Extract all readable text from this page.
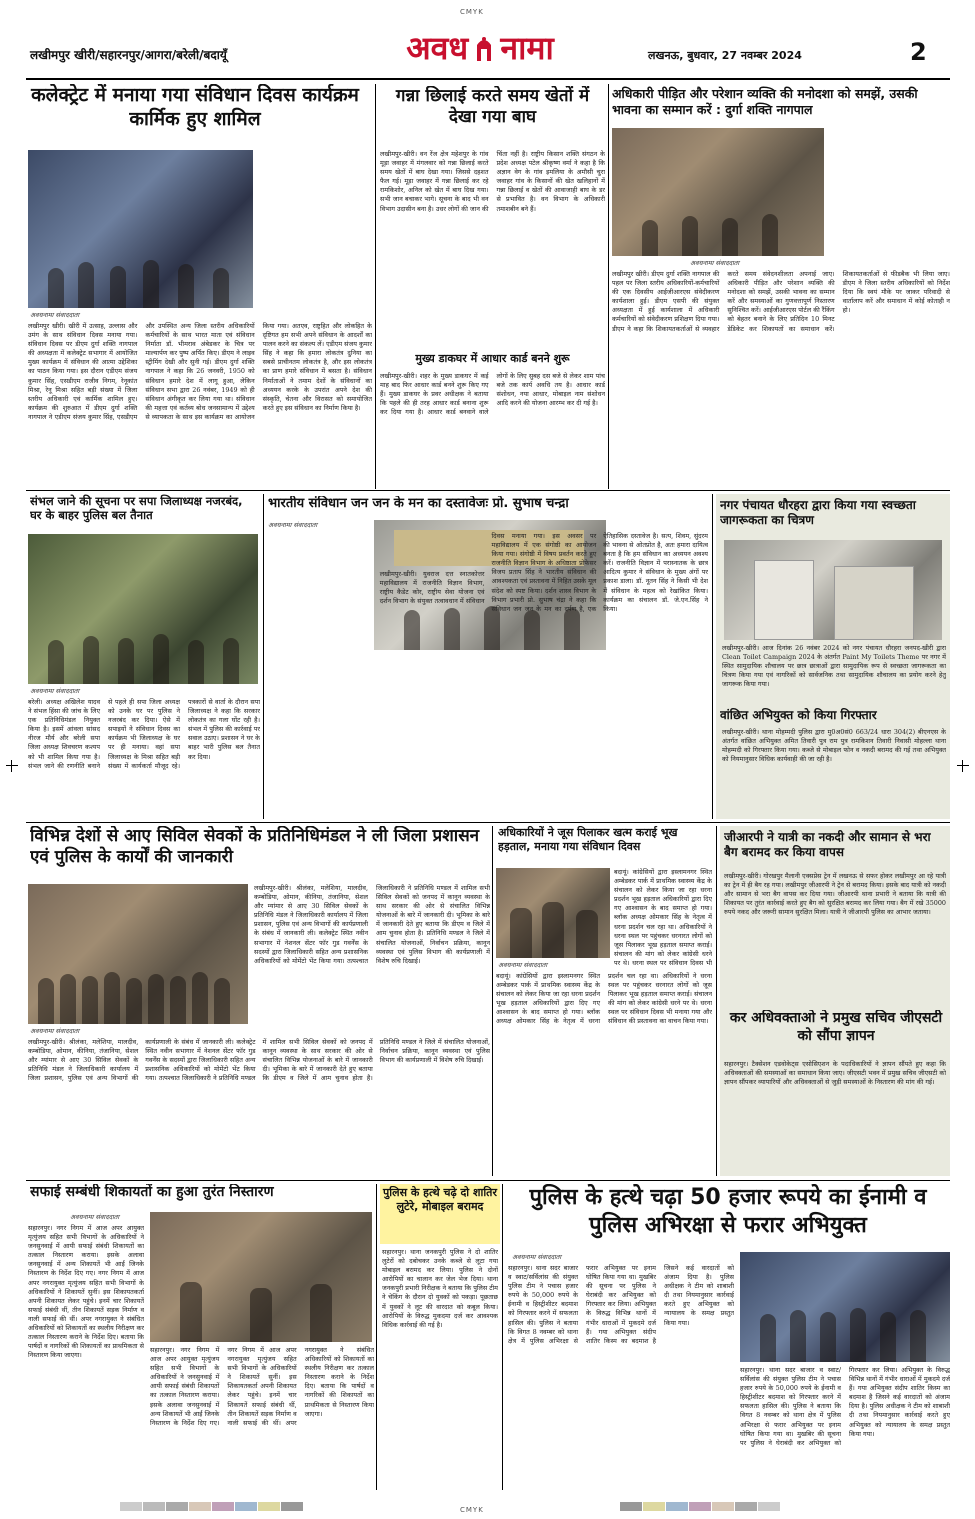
CMYK
CMYK
लखीमपुर खीरी/सहारनपुर/आगरा/बरेली/बदायूँ	अवध नामा	लखनऊ, बुधवार, 27 नवम्बर 2024	2
कलेक्ट्रेट में मनाया गया संविधान दिवस कार्यक्रम कार्मिक हुए शामिल
अवधनामा संवाददाता
लखीमपुर खीरी। खीरी में उत्साह, उल्लास और उमंग के साथ संविधान दिवस मनाया गया। संविधान दिवस पर डीएम दुर्गा शक्ति नागपाल की अध्यक्षता में कलेक्ट्रेट सभागार में आयोजित मुख्य कार्यक्रम में संविधान की आत्मा उद्देशिका का पाठन किया गया। इस दौरान एडीएम संजय कुमार सिंह, एसडीएम राजीव निगम, रेनूकांत मिश्रा, रेनू मिश्रा सहित बड़ी संख्या में जिला स्तरीय अधिकारी एवं कार्मिक शामिल हुए। कार्यक्रम की शुरुआत में डीएम दुर्गा शक्ति नागपाल ने एडीएम संजय कुमार सिंह, एसडीएम और उपस्थित अन्य जिला स्तरीय अधिकारियों कर्मचारियों के साथ भारत माता एवं संविधान निर्माता डॉ. भीमराव अंबेडकर के चित्र पर माल्यार्पण कर पुष्प अर्पित किए। डीएम ने लाइव स्ट्रीमिंग देखी और सुनी गई। डीएम दुर्गा शक्ति नागपाल ने कहा कि 26 जनवरी, 1950 को संविधान हमारे देश में लागू हुआ, लेकिन संविधान सभा द्वारा 26 नवंबर, 1949 को ही संविधान अंगीकृत कर लिया गया था। संविधान की महत्ता एवं कर्तव्य बोध जनसामान्य में उद्देश्य से व्यापकता के साथ इस कार्यक्रम का आयोजन किया गया। अतएव, राष्ट्रहित और लोकहित के दृष्टिगत हम सभी अपने संविधान के आदर्शों का पालन करने का संकल्प लें। एडीएम संजय कुमार सिंह ने कहा कि हमारा लोकतंत्र दुनिया का सबसे प्राचीनतम लोकतंत्र है, और इस लोकतंत्र का प्राण हमारे संविधान में बसता है। संविधान निर्माताओं ने तमाम देशों के संविधानों का अध्ययन करके के उपरांत अपने देश की संस्कृति, चेतना और विरासत को समायोजित करते हुए इस संविधान का निर्माण किया है।
गन्ना छिलाई करते समय खेतों में देखा गया बाघ
लखीमपुर-खीरी। वन रेंज क्षेत्र महेशपुर के गांव मूड़ा जवाहर में मंगलवार को गन्ना छिलाई करते समय खेतों में बाघ देखा गया। जिससे दहशत फैल गई। मूड़ा जवाहर में गन्ना छिलाई कर रहे रामकिशोर, अनिल को खेत में बाघ दिख गया। सभी जान बचाकर भागे। सूचना के बाद भी वन विभाग उदासीन बना है। उधर लोगों की जान की चिंता नहीं है। राष्ट्रीय किसान शक्ति संगठन के प्रदेश अध्यक्ष पटेल श्रीकृष्ण वर्मा ने कहा है कि अज्ञान वेग के गांव इमलिया के अमौसी चुरा जवाहर गांव के किसानों की खेत खलिहानों में गन्ना छिलाई व खेतों की आवाजाही बाघ के डर से प्रभावित है। वन विभाग के अधिकारी तमाशबीन बने हैं।
मुख्य डाकघर में आधार कार्ड बनने शुरू
लखीमपुर-खीरी। शहर के मुख्य डाकघर में कई माह बाद फिर आधार कार्ड बनने शुरू किए गए हैं। मुख्य डाकघर के प्रवर अधीक्षक ने बताया कि पहले की ही तरह आधार कार्ड बनाना शुरू कर दिया गया है। आधार कार्ड बनवाने वाले लोगों के लिए सुबह दस बजे से लेकर शाम पांच बजे तक कार्य अवधि तय है। आधार कार्ड संशोधन, नया आधार, मोबाइल नाम संशोधन आदि करने की योजना आरम्भ कर दी गई है।
अधिकारी पीड़ित और परेशान व्यक्ति की मनोदशा को समझें, उसकी भावना का सम्मान करें : दुर्गा शक्ति नागपाल
अवधनामा संवाददाता
लखीमपुर खीरी। डीएम दुर्गा शक्ति नागपाल की पहल पर जिला स्तरीय अधिकारियों-कर्मचारियों की एक दिवसीय आईजीआरएस संवेदीकरण कार्यशाला हुई। डीएम एसपी की संयुक्त अध्यक्षता में हुई कार्यशाला में अधिकारी कर्मचारियों को संवेदीकरण प्रशिक्षण दिया गया। डीएम ने कहा कि शिकायतकर्ताओं से व्यवहार करते समय संवेदनशीलता अपनाई जाए। अधिकारी पीड़ित और परेशान व्यक्ति की मनोदशा को समझें, उसकी भावना का सम्मान करें और समस्याओं का गुणवत्तापूर्ण निस्तारण सुनिश्चित करें। आईजीआरएस पोर्टल की रैंकिंग को बेहतर बनाने के लिए प्रतिदिन 10 मिनट डेडिकेट कर शिकायतों का समाधान करें। शिकायतकर्ताओं से फीडबैक भी लिया जाए। डीएम ने जिला स्तरीय अधिकारियों को निर्देश दिया कि स्वयं मौके पर जाकर परिवादी से वार्तालाप करें और समाधान में कोई कोताही न हो।
संभल जाने की सूचना पर सपा जिलाध्यक्ष नजरबंद, घर के बाहर पुलिस बल तैनात
अवधनामा संवाददाता
बरेली। अध्यक्ष अखिलेश यादव ने संभल हिंसा की जांच के लिए एक प्रतिनिधिमंडल नियुक्त किया है। इसमें आंवला सांसद नीरज मौर्य और बरेली सपा जिला अध्यक्ष शिवचरण कश्यप को भी शामिल किया गया है। संभल जाने की रणनीति बनाने से पहले ही सपा जिला अध्यक्ष को उनके घर पर पुलिस ने नजरबंद कर दिया। ऐसे में सपाइयों ने संविधान दिवस का कार्यक्रम भी जिलाध्यक्ष के घर पर ही मनाया। वहां सपा जिलाध्यक्ष के मिश्रा सहित बड़ी संख्या में कार्यकर्ता मौजूद रहे। पत्रकारों से वार्ता के दौरान सपा जिलाध्यक्ष ने कहा कि सरकार लोकतंत्र का गला घोंट रही है। संभल में पुलिस की कार्रवाई पर सवाल उठाए। प्रशासन ने घर के बाहर भारी पुलिस बल तैनात कर दिया।
भारतीय संविधान जन जन के मन का दस्तावेजः प्रो. सुभाष चन्द्रा
अवधनामा संवाददाता
लखीमपुर-खीरी। युवराज दत्त स्नातकोत्तर महाविद्यालय में राजनीति विज्ञान विभाग, राष्ट्रीय कैडेट कोर, राष्ट्रीय सेवा योजना एवं दर्शन विभाग के संयुक्त तत्वावधान में संविधान दिवस मनाया गया। इस अवसर पर महाविद्यालय में एक संगोष्ठी का आयोजन किया गया। संगोष्ठी में विषय प्रवर्तन करते हुए राजनीति विज्ञान विभाग के अधिष्ठाता प्रोफेसर विजय प्रताप सिंह ने भारतीय संविधान की आवश्यकता एवं प्रस्तावना में निहित उसके मूल संदेश को स्पष्ट किया। दर्शन शास्त्र विभाग के विभाग प्रभारी प्रो. सुभाष चंद्रा ने कहा कि संविधान जन जन के मन का दर्पण है, एक ऐतिहासिक दस्तावेज है। सत्य, शिवम, सुंदरम की भावना से ओतप्रोत है, अतः हमारा दायित्व बनता है कि हम संविधान का अध्ययन अवश्य करें। राजनीति विज्ञान में परास्नातक के छात्र आदित्य कुमार ने संविधान के मुख्य अंगों पर प्रकाश डाला। डॉ. नूतन सिंह ने किसी भी देश में संविधान के महत्व को रेखांकित किया। कार्यक्रम का संचालन डॉ. जे.एन.सिंह ने किया।
नगर पंचायत धौरहरा द्वारा किया गया स्वच्छता जागरूकता का चित्रण
लखीमपुर-खीरी। आज दिनांक 26 नवंबर 2024 को नगर पंचायत धौरहरा जनपद-खीरी द्वारा Clean Toilet Campaign 2024 के अंतर्गत Paint My Toilets Theme पर नगर में स्थित सामुदायिक शौचालय पर छात्र छात्राओं द्वारा सामुदायिक रूप से स्वच्छता जागरूकता का चित्रण किया गया एवं नागरिकों को सार्वजनिक तथा सामुदायिक शौचालय का प्रयोग करने हेतु जागरूक किया गया।
वांछित अभियुक्त को किया गिरफ्तार
लखीमपुर-खीरी। थाना मोहम्मदी पुलिस द्वारा मु0अ0सं0 663/24 धारा 304(2) बीएनएस के अंतर्गत वांछित अभियुक्त अमित तिवारी पुत्र राम पुत्र रामकिशन तिवारी निवासी मोहल्ला थाना मोहम्मदी को गिरफ्तार किया गया। कब्जे से मोबाइल फोन व नकदी बरामद की गई तथा अभियुक्त को नियमानुसार विधिक कार्यवाही की जा रही है।
विभिन्न देशों से आए सिविल सेवकों के प्रतिनिधिमंडल ने ली जिला प्रशासन एवं पुलिस के कार्यों की जानकारी
अवधनामा संवाददाता
लखीमपुर-खीरी। श्रीलंका, मलेशिया, मालदीव, कम्बोडिया, ओमान, कीनिया, तंजानिया, सेशल और म्यांमार से आए 30 सिविल सेवकों के प्रतिनिधि मंडल ने जिलाधिकारी कार्यालय में जिला प्रशासन, पुलिस एवं अन्य विभागों की कार्यप्रणाली के संबंध में जानकारी ली। कलेक्ट्रेट स्थित नवीन सभागार में नेशनल सेंटर फॉर गुड गवर्नेंस के सदस्यों द्वारा जिलाधिकारी सहित अन्य प्रशासनिक अधिकारियों को मोमेंटो भेंट किया गया। तत्पश्चात जिलाधिकारी ने प्रतिनिधि मण्डल में शामिल सभी सिविल सेवकों को जनपद में कानून व्यवस्था के साथ सरकार की ओर से संचालित विभिन्न योजनाओं के बारे में जानकारी दी। भूमिका के बारे में जानकारी देते हुए बताया कि डीएम व जिले में आम चुनाव होता है। प्रतिनिधि मण्डल ने जिले में संचालित योजनाओं, निर्वाचन प्रक्रिया, कानून व्यवस्था एवं पुलिस विभाग की कार्यप्रणाली में विशेष रुचि दिखाई।
लखीमपुर-खीरी। श्रीलंका, मलेशिया, मालदीव, कम्बोडिया, ओमान, कीनिया, तंजानिया, सेशल और म्यांमार से आए 30 सिविल सेवकों के प्रतिनिधि मंडल ने जिलाधिकारी कार्यालय में जिला प्रशासन, पुलिस एवं अन्य विभागों की कार्यप्रणाली के संबंध में जानकारी ली। कलेक्ट्रेट स्थित नवीन सभागार में नेशनल सेंटर फॉर गुड गवर्नेंस के सदस्यों द्वारा जिलाधिकारी सहित अन्य प्रशासनिक अधिकारियों को मोमेंटो भेंट किया गया। तत्पश्चात जिलाधिकारी ने प्रतिनिधि मण्डल में शामिल सभी सिविल सेवकों को जनपद में कानून व्यवस्था के साथ सरकार की ओर से संचालित विभिन्न योजनाओं के बारे में जानकारी दी। भूमिका के बारे में जानकारी देते हुए बताया कि डीएम व जिले में आम चुनाव होता है। प्रतिनिधि मण्डल ने जिले में संचालित योजनाओं, निर्वाचन प्रक्रिया, कानून व्यवस्था एवं पुलिस विभाग की कार्यप्रणाली में विशेष रुचि दिखाई।
अधिकारियों ने जूस पिलाकर खत्म कराई भूख हड़ताल, मनाया गया संविधान दिवस
अवधनामा संवाददाता
बदायूं। कांग्रेसियों द्वारा इस्लामनगर स्थित अम्बेडकर पार्क में प्राथमिक स्वास्थ्य केंद्र के संचालन को लेकर किया जा रहा धरना प्रदर्शन भूख हड़ताल अधिकारियों द्वारा दिए गए आश्वासन के बाद समाप्त हो गया। ब्लॉक अध्यक्ष ओमकार सिंह के नेतृत्व में धरना प्रदर्शन चल रहा था। अधिकारियों ने धरना स्थल पर पहुंचकर धरनारत लोगों को जूस पिलाकर भूख हड़ताल समाप्त कराई। संचालन की मांग को लेकर कांग्रेसी धरने पर थे। धरना स्थल पर संविधान दिवस भी मनाया गया और संविधान की प्रस्तावना का वाचन किया गया।
बदायूं। कांग्रेसियों द्वारा इस्लामनगर स्थित अम्बेडकर पार्क में प्राथमिक स्वास्थ्य केंद्र के संचालन को लेकर किया जा रहा धरना प्रदर्शन भूख हड़ताल अधिकारियों द्वारा दिए गए आश्वासन के बाद समाप्त हो गया। ब्लॉक अध्यक्ष ओमकार सिंह के नेतृत्व में धरना प्रदर्शन चल रहा था। अधिकारियों ने धरना स्थल पर पहुंचकर धरनारत लोगों को जूस पिलाकर भूख हड़ताल समाप्त कराई। संचालन की मांग को लेकर कांग्रेसी धरने पर थे। धरना स्थल पर संविधान दिवस भी
जीआरपी ने यात्री का नकदी और सामान से भरा बैग बरामद कर किया वापस
लखीमपुर-खीरी। गोरखपुर मैलानी एक्सप्रेस ट्रेन में लखनऊ से सफर होकर लखीमपुर आ रहे यात्री का ट्रेन में ही बैग रह गया। लखीमपुर जीआरपी ने ट्रेन से बरामद किया। इसके बाद यात्री को नकदी और सामान से भरा बैग वापस कर दिया गया। जीआरपी थाना प्रभारी ने बताया कि यात्री की शिकायत पर तुरंत कार्रवाई करते हुए बैग को सुरक्षित बरामद कर लिया गया। बैग में रखे 35000 रुपये नकद और जरूरी सामान सुरक्षित मिला। यात्री ने जीआरपी पुलिस का आभार जताया।
कर अधिवक्ताओ ने प्रमुख सचिव जीएसटी को सौंपा ज्ञापन
सहारनपुर। टैक्सेशन एडवोकेट्स एसोसिएशन के पदाधिकारियों ने ज्ञापन सौंपते हुए कहा कि अधिवक्ताओं की समस्याओं का समाधान किया जाए। जीएसटी भवन में प्रमुख सचिव जीएसटी को ज्ञापन सौंपकर व्यापारियों और अधिवक्ताओं से जुड़ी समस्याओं के निस्तारण की मांग की गई।
सफाई सम्बंधी शिकायतों का हुआ तुरंत निस्तारण
अवधनामा संवाददाता
सहारनपुर। नगर निगम में आज अपर आयुक्त मृत्युंजय सहित सभी विभागों के अधिकारियों ने जनसुनवाई में आयी सफाई संबंधी शिकायतों का तत्काल निस्तारण कराया। इसके अलावा जनसुनवाई में अन्य शिकायतें भी आईं जिनके निस्तारण के निर्देश दिए गए। नगर निगम में आज अपर नगरायुक्त मृत्युंजय सहित सभी विभागों के अधिकारियों ने शिकायतें सुनीं। इस शिकायतकर्ता अपनी शिकायत लेकर पहुंचे। इनमें चार शिकायतें सफाई संबंधी थीं, तीन शिकायतें सड़क निर्माण व नाली सफाई की थीं। अपर नगरायुक्त ने संबंधित अधिकारियों को शिकायतों का स्थलीय निरीक्षण कर तत्काल निस्तारण कराने के निर्देश दिए। बताया कि पार्षदों व नागरिकों की शिकायतों का प्राथमिकता से निस्तारण किया जाएगा।
सहारनपुर। नगर निगम में आज अपर आयुक्त मृत्युंजय सहित सभी विभागों के अधिकारियों ने जनसुनवाई में आयी सफाई संबंधी शिकायतों का तत्काल निस्तारण कराया। इसके अलावा जनसुनवाई में अन्य शिकायतें भी आईं जिनके निस्तारण के निर्देश दिए गए। नगर निगम में आज अपर नगरायुक्त मृत्युंजय सहित सभी विभागों के अधिकारियों ने शिकायतें सुनीं। इस शिकायतकर्ता अपनी शिकायत लेकर पहुंचे। इनमें चार शिकायतें सफाई संबंधी थीं, तीन शिकायतें सड़क निर्माण व नाली सफाई की थीं। अपर नगरायुक्त ने संबंधित अधिकारियों को शिकायतों का स्थलीय निरीक्षण कर तत्काल निस्तारण कराने के निर्देश दिए। बताया कि पार्षदों व नागरिकों की शिकायतों का प्राथमिकता से निस्तारण किया जाएगा।
पुलिस के हत्थे चढ़े दो शातिर लुटेरे, मोबाइल बरामद
सहारनपुर। थाना जनकपुरी पुलिस ने दो शातिर लुटेरों को दबोचकर उनके कब्जे से लूटा गया मोबाइल बरामद कर लिया। पुलिस ने दोनों आरोपियों का चालान कर जेल भेज दिया। थाना जनकपुरी प्रभारी निरीक्षक ने बताया कि पुलिस टीम ने चेकिंग के दौरान दो युवकों को पकड़ा। पूछताछ में युवकों ने लूट की वारदात को कबूल किया। आरोपियों के विरुद्ध मुकदमा दर्ज कर आवश्यक विधिक कार्रवाई की गई है।
पुलिस के हत्थे चढ़ा 50 हजार रूपये का ईनामी व पुलिस अभिरक्षा से फरार अभियुक्त
अवधनामा संवाददाता
सहारनपुर। थाना सदर बाजार व स्वाट/सर्विलांस की संयुक्त पुलिस टीम ने पचास हजार रुपये के 50,000 रुपये के ईनामी व हिस्ट्रीशीटर बदमाश को गिरफ्तार करने में सफलता हासिल की। पुलिस ने बताया कि विगत 8 नवम्बर को थाना क्षेत्र में पुलिस अभिरक्षा से फरार अभियुक्त पर इनाम घोषित किया गया था। मुखबिर की सूचना पर पुलिस ने घेराबंदी कर अभियुक्त को गिरफ्तार कर लिया। अभियुक्त के विरुद्ध विभिन्न थानों में गंभीर धाराओं में मुकदमे दर्ज हैं। गया अभियुक्त संदीप शातिर किस्म का बदमाश है जिसने कई वारदातों को अंजाम दिया है। पुलिस अधीक्षक ने टीम को शाबाशी दी तथा नियमानुसार कार्रवाई करते हुए अभियुक्त को न्यायालय के समक्ष प्रस्तुत किया गया।
सहारनपुर। थाना सदर बाजार व स्वाट/सर्विलांस की संयुक्त पुलिस टीम ने पचास हजार रुपये के 50,000 रुपये के ईनामी व हिस्ट्रीशीटर बदमाश को गिरफ्तार करने में सफलता हासिल की। पुलिस ने बताया कि विगत 8 नवम्बर को थाना क्षेत्र में पुलिस अभिरक्षा से फरार अभियुक्त पर इनाम घोषित किया गया था। मुखबिर की सूचना पर पुलिस ने घेराबंदी कर अभियुक्त को गिरफ्तार कर लिया। अभियुक्त के विरुद्ध विभिन्न थानों में गंभीर धाराओं में मुकदमे दर्ज हैं। गया अभियुक्त संदीप शातिर किस्म का बदमाश है जिसने कई वारदातों को अंजाम दिया है। पुलिस अधीक्षक ने टीम को शाबाशी दी तथा नियमानुसार कार्रवाई करते हुए अभियुक्त को न्यायालय के समक्ष प्रस्तुत किया गया।
